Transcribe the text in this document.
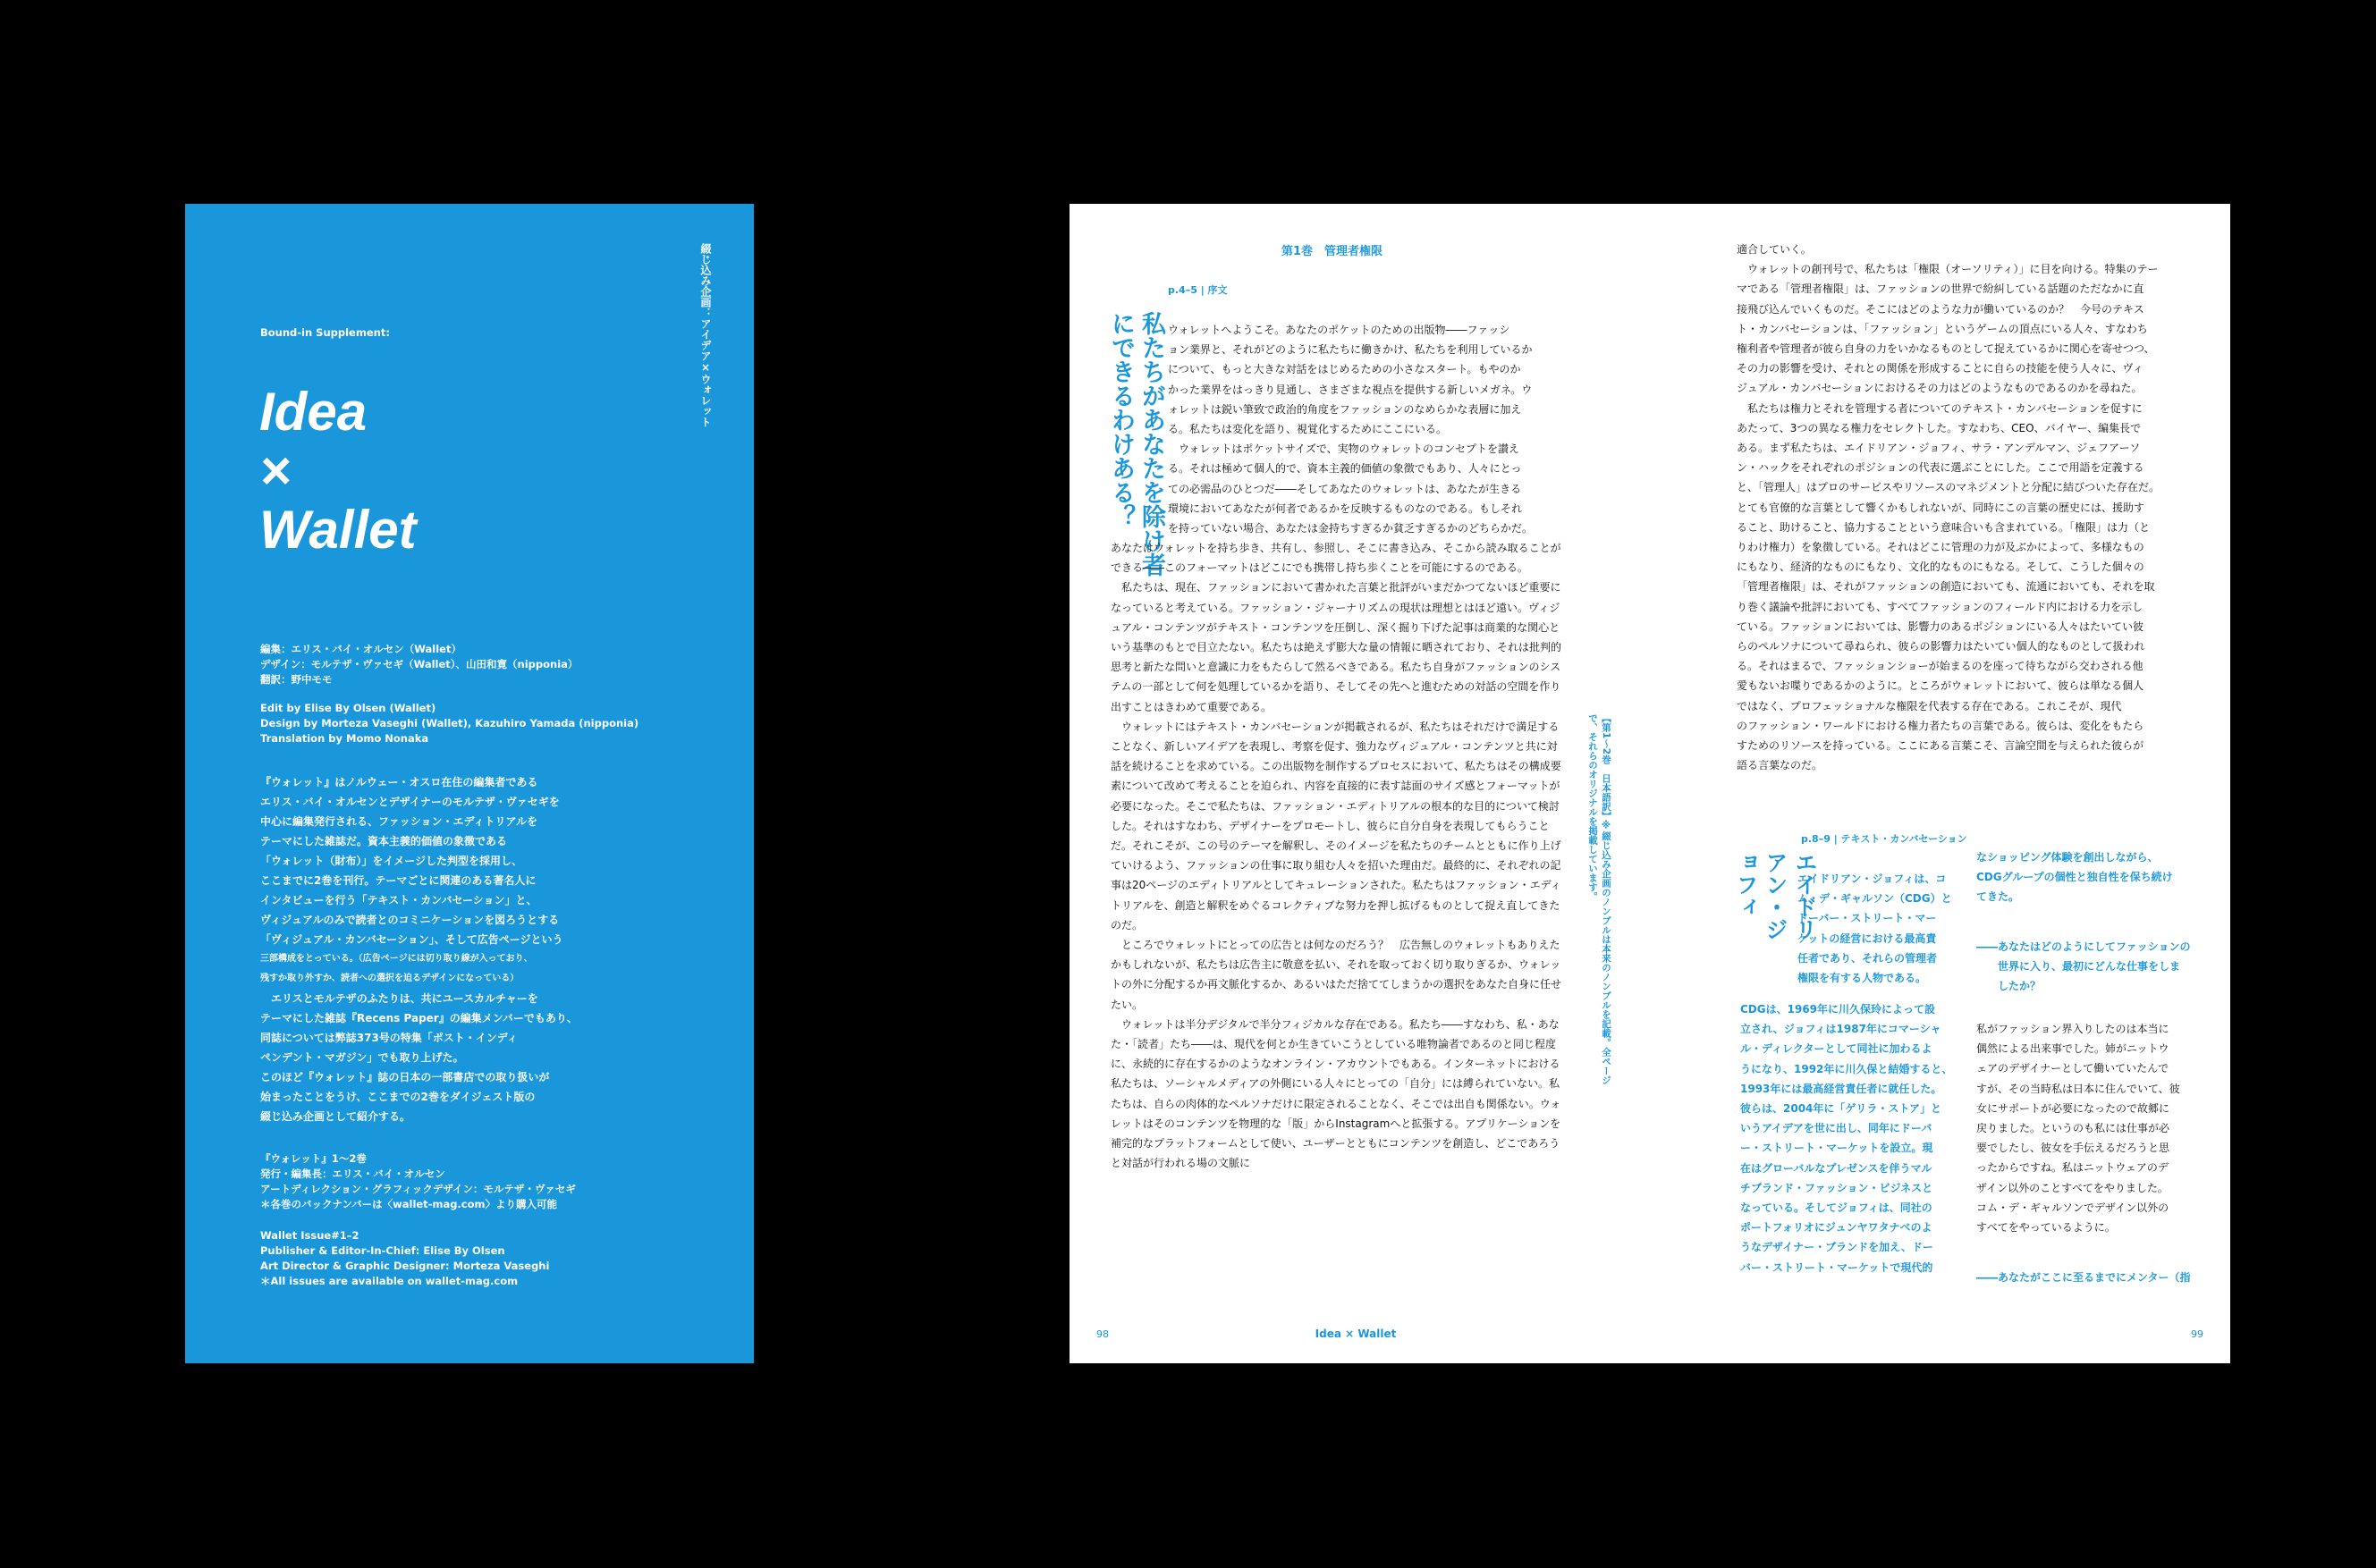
Bound-in Supplement:
Idea
×
Wallet
綴じ込み企画：アイデア×ウォレット
編集：エリス・バイ・オルセン（Wallet）
デザイン：モルテザ・ヴァセギ（Wallet）、山田和寛（nipponia）
翻訳：野中モモ
Edit by Elise By Olsen (Wallet)
Design by Morteza Vaseghi (Wallet), Kazuhiro Yamada (nipponia)
Translation by Momo Nonaka
『ウォレット』はノルウェー・オスロ在住の編集者である
エリス・バイ・オルセンとデザイナーのモルテザ・ヴァセギを
中心に編集発行される、ファッション・エディトリアルを
テーマにした雑誌だ。資本主義的価値の象徴である
「ウォレット（財布）」をイメージした判型を採用し、
ここまでに2巻を刊行。テーマごとに関連のある著名人に
インタビューを行う「テキスト・カンバセーション」と、
ヴィジュアルのみで読者とのコミニケーションを図ろうとする
「ヴィジュアル・カンバセーション」、そして広告ページという
三部構成をとっている。（広告ページには切り取り線が入っており、
残すか取り外すか、読者への選択を迫るデザインになっている）
　エリスとモルテザのふたりは、共にユースカルチャーを
テーマにした雑誌『Recens Paper』の編集メンバーでもあり、
同誌については弊誌373号の特集「ポスト・インディ
ペンデント・マガジン」でも取り上げた。
このほど『ウォレット』誌の日本の一部書店での取り扱いが
始まったことをうけ、ここまでの2巻をダイジェスト版の
綴じ込み企画として紹介する。
『ウォレット』1〜2巻
発行・編集長：エリス・バイ・オルセン
アートディレクション・グラフィックデザイン：モルテザ・ヴァセギ
＊各巻のバックナンバーは〈wallet-mag.com〉より購入可能
Wallet Issue#1–2
Publisher & Editor-In-Chief: Elise By Olsen
Art Director & Graphic Designer: Morteza Vaseghi
＊All issues are available on wallet-mag.com
第1巻　管理者権限
p.4–5 | 序文
私たちがあなたを除け者にできるわけある？	ウォレットへようこそ。あなたのポケットのための出版物――ファッシ
ョン業界と、それがどのように私たちに働きかけ、私たちを利用しているか
について、もっと大きな対話をはじめるための小さなスタート。もやのか
かった業界をはっきり見通し、さまざまな視点を提供する新しいメガネ。ウ
ォレットは鋭い筆致で政治的角度をファッションのなめらかな表層に加え
る。私たちは変化を語り、視覚化するためにここにいる。
　ウォレットはポケットサイズで、実物のウォレットのコンセプトを讃え
る。それは極めて個人的で、資本主義的価値の象徴でもあり、人々にとっ
ての必需品のひとつだ――そしてあなたのウォレットは、あなたが生きる
環境においてあなたが何者であるかを反映するものなのである。もしそれ
を持っていない場合、あなたは金持ちすぎるか貧乏すぎるかのどちらかだ。
あなたはウォレットを持ち歩き、共有し、参照し、そこに書き込み、そこから読み取ることができる――このフォーマットはどこにでも携帯し持ち歩くことを可能にするのである。
　私たちは、現在、ファッションにおいて書かれた言葉と批評がいまだかつてないほど重要になっていると考えている。ファッション・ジャーナリズムの現状は理想とはほど遠い。ヴィジュアル・コンテンツがテキスト・コンテンツを圧倒し、深く掘り下げた記事は商業的な関心という基準のもとで目立たない。私たちは絶えず膨大な量の情報に晒されており、それは批判的思考と新たな問いと意識に力をもたらして然るべきである。私たち自身がファッションのシステムの一部として何を処理しているかを語り、そしてその先へと進むための対話の空間を作り出すことはきわめて重要である。
　ウォレットにはテキスト・カンバセーションが掲載されるが、私たちはそれだけで満足することなく、新しいアイデアを表現し、考察を促す、強力なヴィジュアル・コンテンツと共に対話を続けることを求めている。この出版物を制作するプロセスにおいて、私たちはその構成要素について改めて考えることを迫られ、内容を直接的に表す誌面のサイズ感とフォーマットが必要になった。そこで私たちは、ファッション・エディトリアルの根本的な目的について検討した。それはすなわち、デザイナーをプロモートし、彼らに自分自身を表現してもらうことだ。それこそが、この号のテーマを解釈し、そのイメージを私たちのチームとともに作り上げていけるよう、ファッションの仕事に取り組む人々を招いた理由だ。最終的に、それぞれの記事は20ページのエディトリアルとしてキュレーションされた。私たちはファッション・エディトリアルを、創造と解釈をめぐるコレクティブな努力を押し拡げるものとして捉え直してきたのだ。
　ところでウォレットにとっての広告とは何なのだろう？　広告無しのウォレットもありえたかもしれないが、私たちは広告主に敬意を払い、それを取っておく切り取りぎるか、ウォレットの外に分配するか再文脈化するか、あるいはただ捨ててしまうかの選択をあなた自身に任せたい。
　ウォレットは半分デジタルで半分フィジカルな存在である。私たち――すなわち、私・あなた・「読者」たち――は、現代を何とか生きていこうとしている唯物論者であるのと同じ程度に、永続的に存在するかのようなオンライン・アカウントでもある。インターネットにおける私たちは、ソーシャルメディアの外側にいる人々にとっての「自分」には縛られていない。私たちは、自らの肉体的なペルソナだけに限定されることなく、そこでは出自も関係ない。ウォレットはそのコンテンツを物理的な「版」からInstagramへと拡張する。アプリケーションを補完的なプラットフォームとして使い、ユーザーとともにコンテンツを創造し、どこであろうと対話が行われる場の文脈に
【第1〜2巻　日本語訳】※綴じ込み企画のノンブルは本来のノンブルを記載。全ページで、それらのオリジナルを掲載しています。
適合していく。
　ウォレットの創刊号で、私たちは「権限（オーソリティ）」に目を向ける。特集のテー
マである「管理者権限」は、ファッションの世界で紛糾している話題のただなかに直
接飛び込んでいくものだ。そこにはどのような力が働いているのか？　今号のテキス
ト・カンバセーションは、「ファッション」というゲームの頂点にいる人々、すなわち
権利者や管理者が彼ら自身の力をいかなるものとして捉えているかに関心を寄せつつ、
その力の影響を受け、それとの関係を形成することに自らの技能を使う人々に、ヴィ
ジュアル・カンバセーションにおけるその力はどのようなものであるのかを尋ねた。
　私たちは権力とそれを管理する者についてのテキスト・カンバセーションを促すに
あたって、3つの異なる権力をセレクトした。すなわち、CEO、バイヤー、編集長で
ある。まず私たちは、エイドリアン・ジョフィ、サラ・アンデルマン、ジェフアーソ
ン・ハックをそれぞれのポジションの代表に選ぶことにした。ここで用語を定義する
と、「管理人」はプロのサービスやリソースのマネジメントと分配に結びついた存在だ。
とても官僚的な言葉として響くかもしれないが、同時にこの言葉の歴史には、援助す
ること、助けること、協力することという意味合いも含まれている。「権限」は力（と
りわけ権力）を象徴している。それはどこに管理の力が及ぶかによって、多様なもの
にもなり、経済的なものにもなり、文化的なものにもなる。そして、こうした個々の
「管理者権限」は、それがファッションの創造においても、流通においても、それを取
り巻く議論や批評においても、すべてファッションのフィールド内における力を示し
ている。ファッションにおいては、影響力のあるポジションにいる人々はたいてい彼
らのペルソナについて尋ねられ、彼らの影響力はたいてい個人的なものとして扱われ
る。それはまるで、ファッションショーが始まるのを座って待ちながら交わされる他
愛もないお喋りであるかのように。ところがウォレットにおいて、彼らは単なる個人
ではなく、プロフェッショナルな権限を代表する存在である。これこそが、現代
のファッション・ワールドにおける権力者たちの言葉である。彼らは、変化をもたら
すためのリソースを持っている。ここにある言葉こそ、言論空間を与えられた彼らが
語る言葉なのだ。
p.8–9 | テキスト・カンバセーション
エイドリアン・ジョフィ	エイドリアン・ジョフィは、コ
ム・デ・ギャルソン（CDG）と
ドーバー・ストリート・マー
ケットの経営における最高責
任者であり、それらの管理者
権限を有する人物である。
CDGは、1969年に川久保玲によって設
立され、ジョフィは1987年にコマーシャ
ル・ディレクターとして同社に加わるよ
うになり、1992年に川久保と結婚すると、
1993年には最高経営責任者に就任した。
彼らは、2004年に「ゲリラ・ストア」と
いうアイデアを世に出し、同年にドーバ
ー・ストリート・マーケットを設立。現
在はグローバルなプレゼンスを伴うマル
チブランド・ファッション・ビジネスと
なっている。そしてジョフィは、同社の
ポートフォリオにジュンヤワタナベのよ
うなデザイナー・ブランドを加え、ドー
バー・ストリート・マーケットで現代的
なショッピング体験を創出しながら、
CDGグループの個性と独自性を保ち続け
てきた。
――あなたはどのようにしてファッションの
　　世界に入り、最初にどんな仕事をしま
　　したか？
私がファッション界入りしたのは本当に
偶然による出来事でした。姉がニットウ
ェアのデザイナーとして働いていたんで
すが、その当時私は日本に住んでいて、彼
女にサポートが必要になったので故郷に
戻りました。というのも私には仕事が必
要でしたし、彼女を手伝えるだろうと思
ったからですね。私はニットウェアのデ
ザイン以外のことすべてをやりました。
コム・デ・ギャルソンでデザイン以外の
すべてをやっているように。
――あなたがここに至るまでにメンター（指
98	Idea × Wallet	99
